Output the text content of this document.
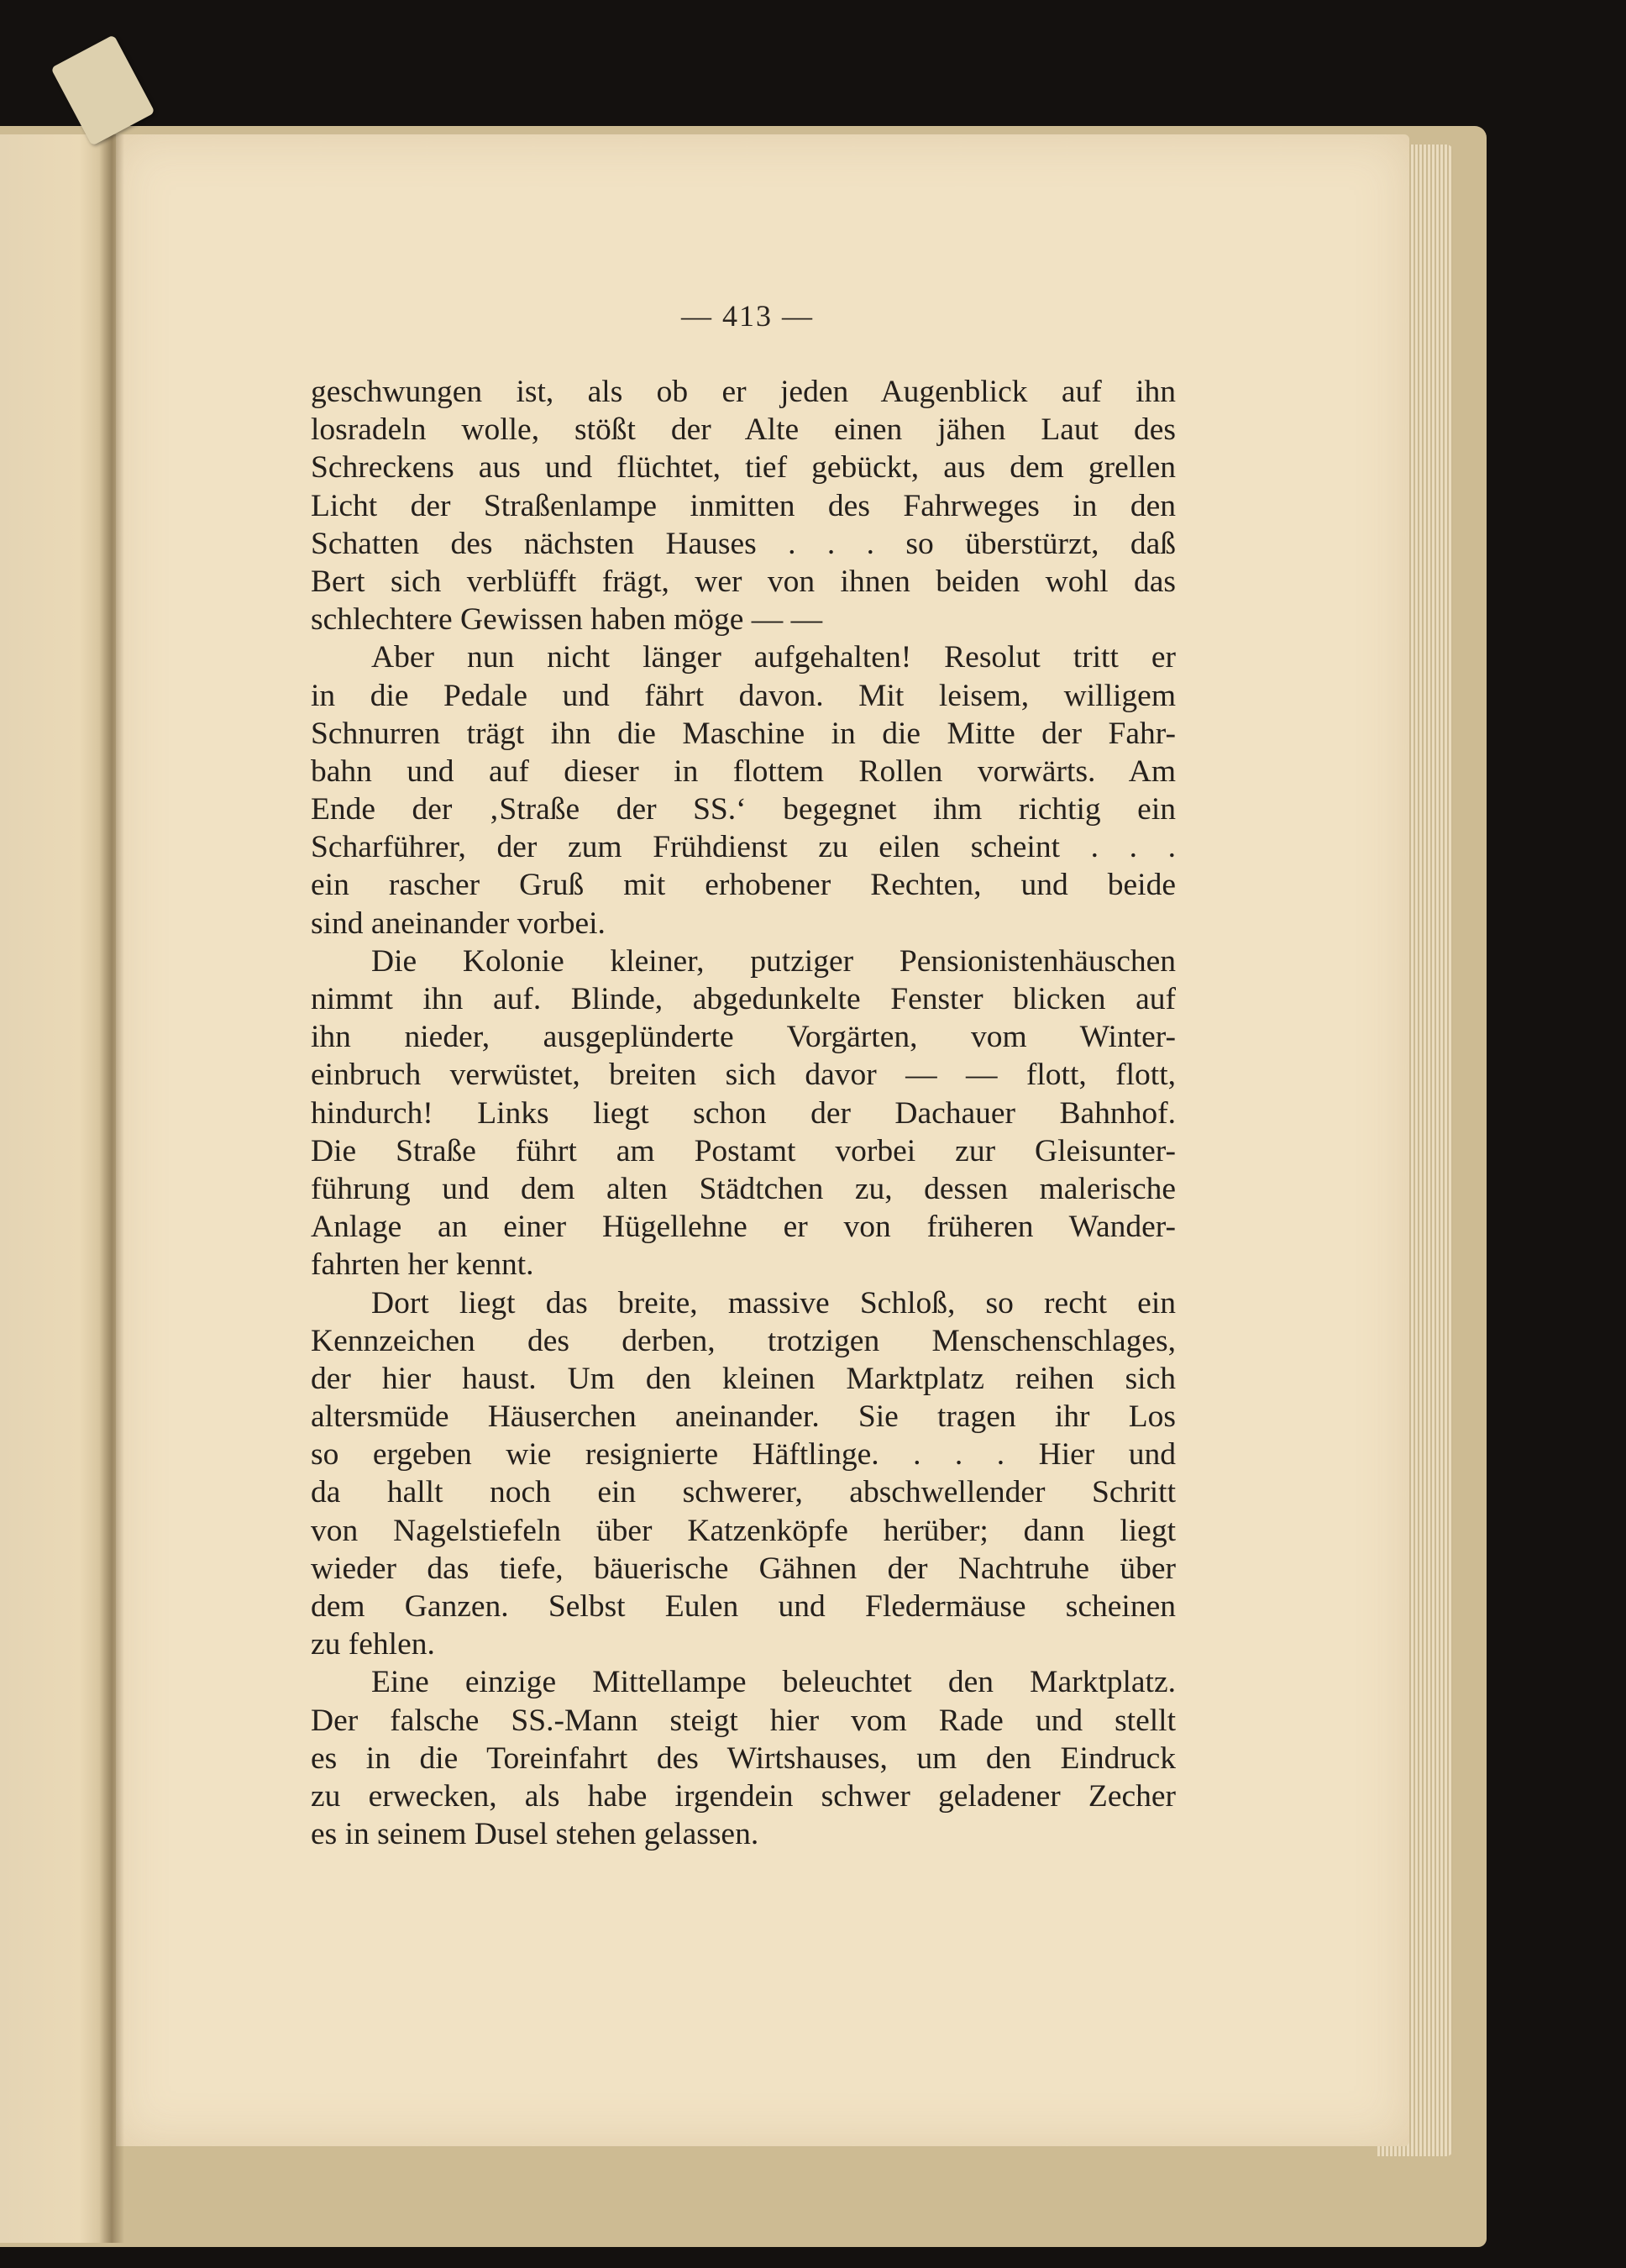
— 413 —
geschwungen ist, als ob er jeden Augenblick auf ihn
losradeln wolle, stößt der Alte einen jähen Laut des
Schreckens aus und flüchtet, tief gebückt, aus dem grellen
Licht der Straßenlampe inmitten des Fahrweges in den
Schatten des nächsten Hauses . . . so überstürzt, daß
Bert sich verblüfft frägt, wer von ihnen beiden wohl das
schlechtere Gewissen haben möge — —
Aber nun nicht länger aufgehalten! Resolut tritt er
in die Pedale und fährt davon. Mit leisem, willigem
Schnurren trägt ihn die Maschine in die Mitte der Fahr-
bahn und auf dieser in flottem Rollen vorwärts. Am
Ende der ‚Straße der SS.‘ begegnet ihm richtig ein
Scharführer, der zum Frühdienst zu eilen scheint . . .
ein rascher Gruß mit erhobener Rechten, und beide
sind aneinander vorbei.
Die Kolonie kleiner, putziger Pensionistenhäuschen
nimmt ihn auf. Blinde, abgedunkelte Fenster blicken auf
ihn nieder, ausgeplünderte Vorgärten, vom Winter-
einbruch verwüstet, breiten sich davor — — flott, flott,
hindurch! Links liegt schon der Dachauer Bahnhof.
Die Straße führt am Postamt vorbei zur Gleisunter-
führung und dem alten Städtchen zu, dessen malerische
Anlage an einer Hügellehne er von früheren Wander-
fahrten her kennt.
Dort liegt das breite, massive Schloß, so recht ein
Kennzeichen des derben, trotzigen Menschenschlages,
der hier haust. Um den kleinen Marktplatz reihen sich
altersmüde Häuserchen aneinander. Sie tragen ihr Los
so ergeben wie resignierte Häftlinge. . . . Hier und
da hallt noch ein schwerer, abschwellender Schritt
von Nagelstiefeln über Katzenköpfe herüber; dann liegt
wieder das tiefe, bäuerische Gähnen der Nachtruhe über
dem Ganzen. Selbst Eulen und Fledermäuse scheinen
zu fehlen.
Eine einzige Mittellampe beleuchtet den Marktplatz.
Der falsche SS.-Mann steigt hier vom Rade und stellt
es in die Toreinfahrt des Wirtshauses, um den Eindruck
zu erwecken, als habe irgendein schwer geladener Zecher
es in seinem Dusel stehen gelassen.
